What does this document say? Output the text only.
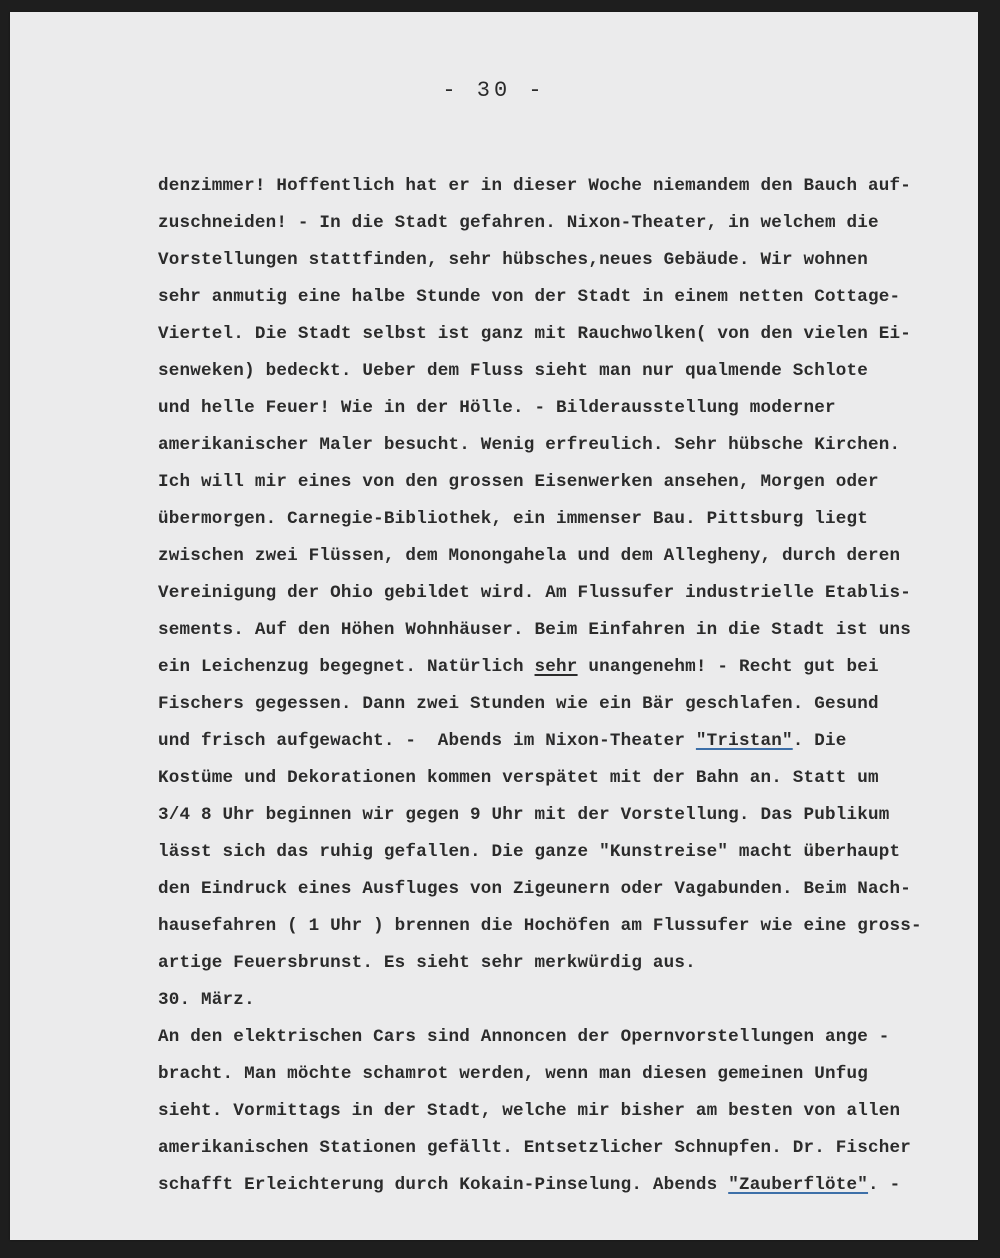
- 30 -
denzimmer! Hoffentlich hat er in dieser Woche niemandem den Bauch auf-
zuschneiden! - In die Stadt gefahren. Nixon-Theater, in welchem die
Vorstellungen stattfinden, sehr hübsches,neues Gebäude. Wir wohnen
sehr anmutig eine halbe Stunde von der Stadt in einem netten Cottage-
Viertel. Die Stadt selbst ist ganz mit Rauchwolken( von den vielen Ei-
senweken) bedeckt. Ueber dem Fluss sieht man nur qualmende Schlote
und helle Feuer! Wie in der Hölle. - Bilderausstellung moderner
amerikanischer Maler besucht. Wenig erfreulich. Sehr hübsche Kirchen.
Ich will mir eines von den grossen Eisenwerken ansehen, Morgen oder
übermorgen. Carnegie-Bibliothek, ein immenser Bau. Pittsburg liegt
zwischen zwei Flüssen, dem Monongahela und dem Allegheny, durch deren
Vereinigung der Ohio gebildet wird. Am Flussufer industrielle Etablis-
sements. Auf den Höhen Wohnhäuser. Beim Einfahren in die Stadt ist uns
ein Leichenzug begegnet. Natürlich sehr unangenehm! - Recht gut bei
Fischers gegessen. Dann zwei Stunden wie ein Bär geschlafen. Gesund
und frisch aufgewacht. -  Abends im Nixon-Theater "Tristan". Die
Kostüme und Dekorationen kommen verspätet mit der Bahn an. Statt um
3/4 8 Uhr beginnen wir gegen 9 Uhr mit der Vorstellung. Das Publikum
lässt sich das ruhig gefallen. Die ganze "Kunstreise" macht überhaupt
den Eindruck eines Ausfluges von Zigeunern oder Vagabunden. Beim Nach-
hausefahren ( 1 Uhr ) brennen die Hochöfen am Flussufer wie eine gross-
artige Feuersbrunst. Es sieht sehr merkwürdig aus.
30. März.
An den elektrischen Cars sind Annoncen der Opernvorstellungen ange -
bracht. Man möchte schamrot werden, wenn man diesen gemeinen Unfug
sieht. Vormittags in der Stadt, welche mir bisher am besten von allen
amerikanischen Stationen gefällt. Entsetzlicher Schnupfen. Dr. Fischer
schafft Erleichterung durch Kokain-Pinselung. Abends "Zauberflöte". -
